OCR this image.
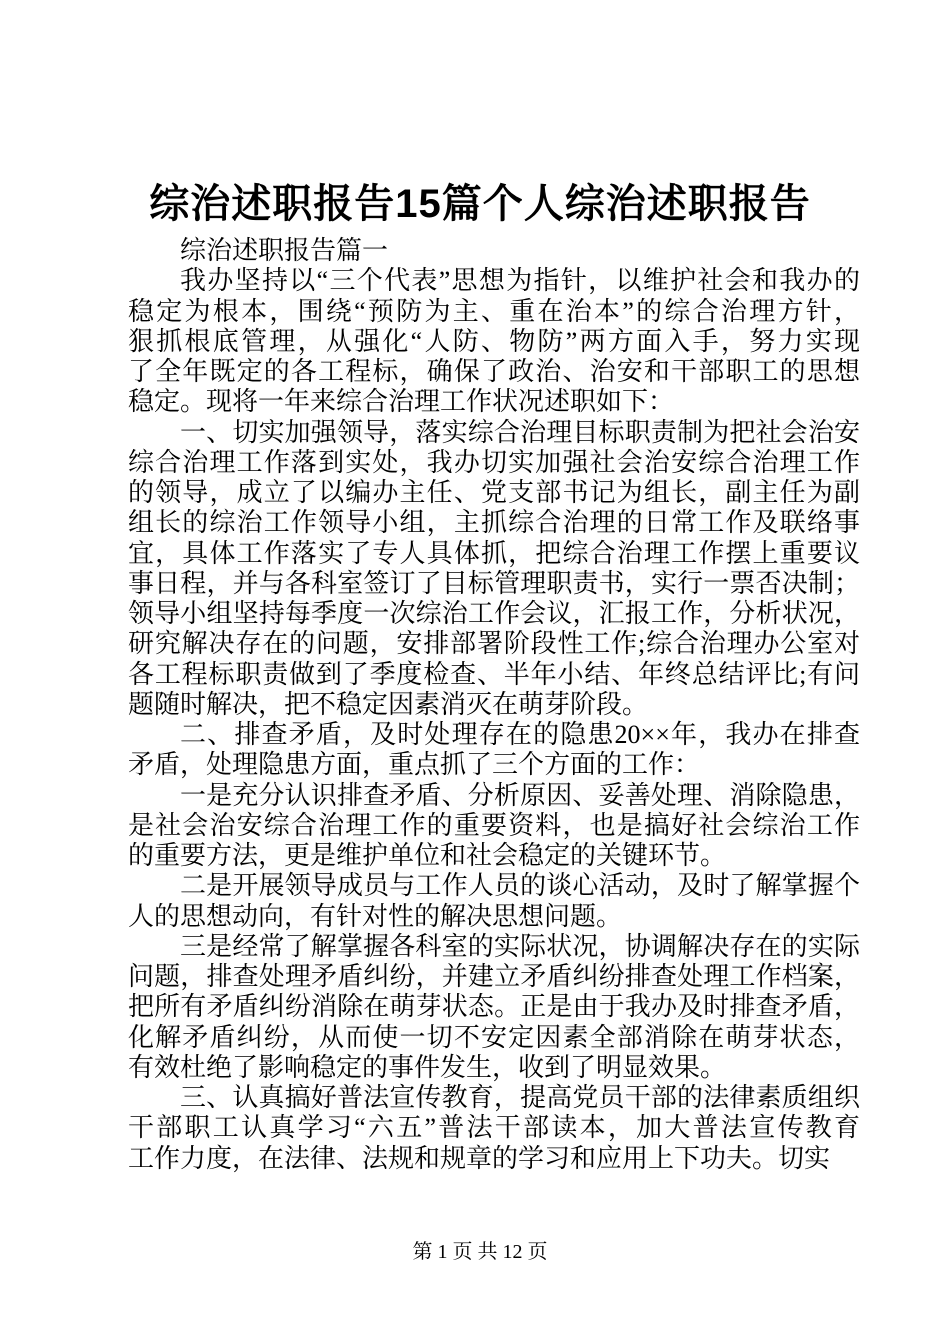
综治述职报告15篇个人综治述职报告
综治述职报告篇一
我办坚持以“三个代表”思想为指针，以维护社会和我办的
稳定为根本，围绕“预防为主、重在治本”的综合治理方针，
狠抓根底管理，从强化“人防、物防”两方面入手，努力实现
了全年既定的各工程标，确保了政治、治安和干部职工的思想
稳定。现将一年来综合治理工作状况述职如下：
一、切实加强领导，落实综合治理目标职责制为把社会治安
综合治理工作落到实处，我办切实加强社会治安综合治理工作
的领导，成立了以编办主任、党支部书记为组长，副主任为副
组长的综治工作领导小组，主抓综合治理的日常工作及联络事
宜，具体工作落实了专人具体抓，把综合治理工作摆上重要议
事日程，并与各科室签订了目标管理职责书，实行一票否决制；
领导小组坚持每季度一次综治工作会议，汇报工作，分析状况，
研究解决存在的问题，安排部署阶段性工作;综合治理办公室对
各工程标职责做到了季度检查、半年小结、年终总结评比;有问
题随时解决，把不稳定因素消灭在萌芽阶段。
二、排查矛盾，及时处理存在的隐患20××年，我办在排查
矛盾，处理隐患方面，重点抓了三个方面的工作：
一是充分认识排查矛盾、分析原因、妥善处理、消除隐患，
是社会治安综合治理工作的重要资料，也是搞好社会综治工作
的重要方法，更是维护单位和社会稳定的关键环节。
二是开展领导成员与工作人员的谈心活动，及时了解掌握个
人的思想动向，有针对性的解决思想问题。
三是经常了解掌握各科室的实际状况，协调解决存在的实际
问题，排查处理矛盾纠纷，并建立矛盾纠纷排查处理工作档案，
把所有矛盾纠纷消除在萌芽状态。正是由于我办及时排查矛盾，
化解矛盾纠纷，从而使一切不安定因素全部消除在萌芽状态，
有效杜绝了影响稳定的事件发生，收到了明显效果。
三、认真搞好普法宣传教育，提高党员干部的法律素质组织
干部职工认真学习“六五”普法干部读本，加大普法宣传教育
工作力度，在法律、法规和规章的学习和应用上下功夫。切实
第 1 页 共 12 页
